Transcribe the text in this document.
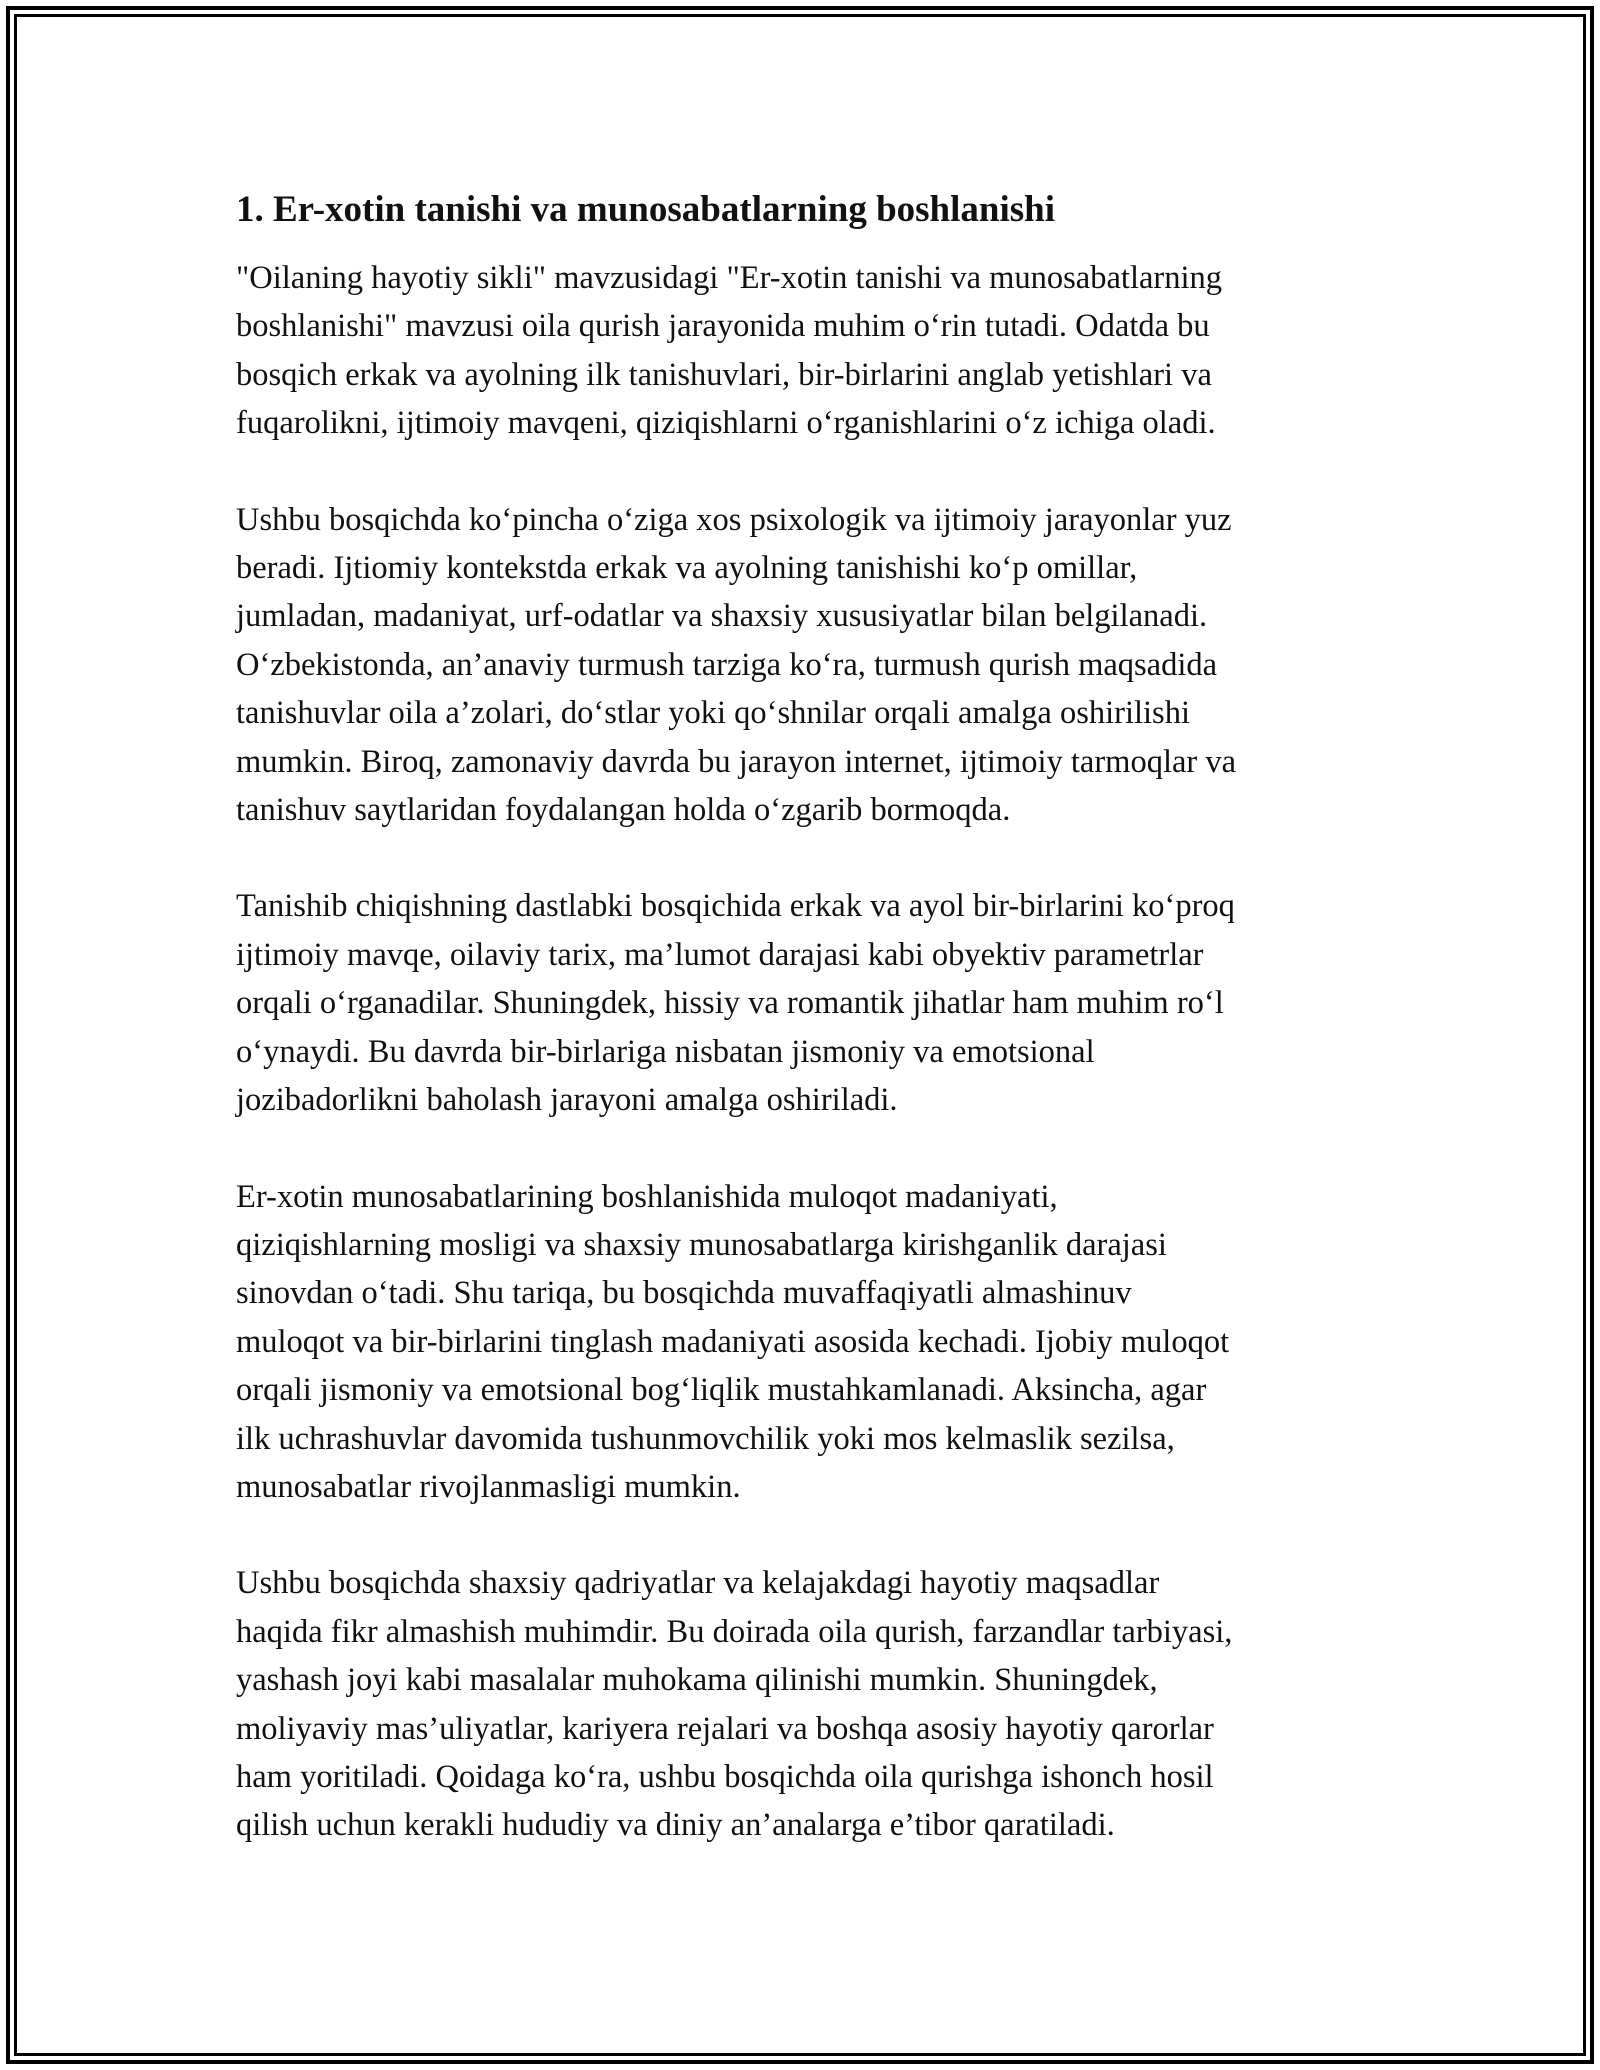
1. Er-xotin tanishi va munosabatlarning boshlanishi

"Oilaning hayotiy sikli" mavzusidagi "Er-xotin tanishi va munosabatlarning
boshlanishi" mavzusi oila qurish jarayonida muhim o‘rin tutadi. Odatda bu
bosqich erkak va ayolning ilk tanishuvlari, bir-birlarini anglab yetishlari va
fuqarolikni, ijtimoiy mavqeni, qiziqishlarni o‘rganishlarini o‘z ichiga oladi.

Ushbu bosqichda ko‘pincha o‘ziga xos psixologik va ijtimoiy jarayonlar yuz
beradi. Ijtiomiy kontekstda erkak va ayolning tanishishi ko‘p omillar,
jumladan, madaniyat, urf-odatlar va shaxsiy xususiyatlar bilan belgilanadi.
O‘zbekistonda, an’anaviy turmush tarziga ko‘ra, turmush qurish maqsadida
tanishuvlar oila a’zolari, do‘stlar yoki qo‘shnilar orqali amalga oshirilishi
mumkin. Biroq, zamonaviy davrda bu jarayon internet, ijtimoiy tarmoqlar va
tanishuv saytlaridan foydalangan holda o‘zgarib bormoqda.

Tanishib chiqishning dastlabki bosqichida erkak va ayol bir-birlarini ko‘proq
ijtimoiy mavqe, oilaviy tarix, ma’lumot darajasi kabi obyektiv parametrlar
orqali o‘rganadilar. Shuningdek, hissiy va romantik jihatlar ham muhim ro‘l
o‘ynaydi. Bu davrda bir-birlariga nisbatan jismoniy va emotsional
jozibadorlikni baholash jarayoni amalga oshiriladi.

Er-xotin munosabatlarining boshlanishida muloqot madaniyati,
qiziqishlarning mosligi va shaxsiy munosabatlarga kirishganlik darajasi
sinovdan o‘tadi. Shu tariqa, bu bosqichda muvaffaqiyatli almashinuv
muloqot va bir-birlarini tinglash madaniyati asosida kechadi. Ijobiy muloqot
orqali jismoniy va emotsional bog‘liqlik mustahkamlanadi. Aksincha, agar
ilk uchrashuvlar davomida tushunmovchilik yoki mos kelmaslik sezilsa,
munosabatlar rivojlanmasligi mumkin.

Ushbu bosqichda shaxsiy qadriyatlar va kelajakdagi hayotiy maqsadlar
haqida fikr almashish muhimdir. Bu doirada oila qurish, farzandlar tarbiyasi,
yashash joyi kabi masalalar muhokama qilinishi mumkin. Shuningdek,
moliyaviy mas’uliyatlar, kariyera rejalari va boshqa asosiy hayotiy qarorlar
ham yoritiladi. Qoidaga ko‘ra, ushbu bosqichda oila qurishga ishonch hosil
qilish uchun kerakli hududiy va diniy an’analarga e’tibor qaratiladi.
